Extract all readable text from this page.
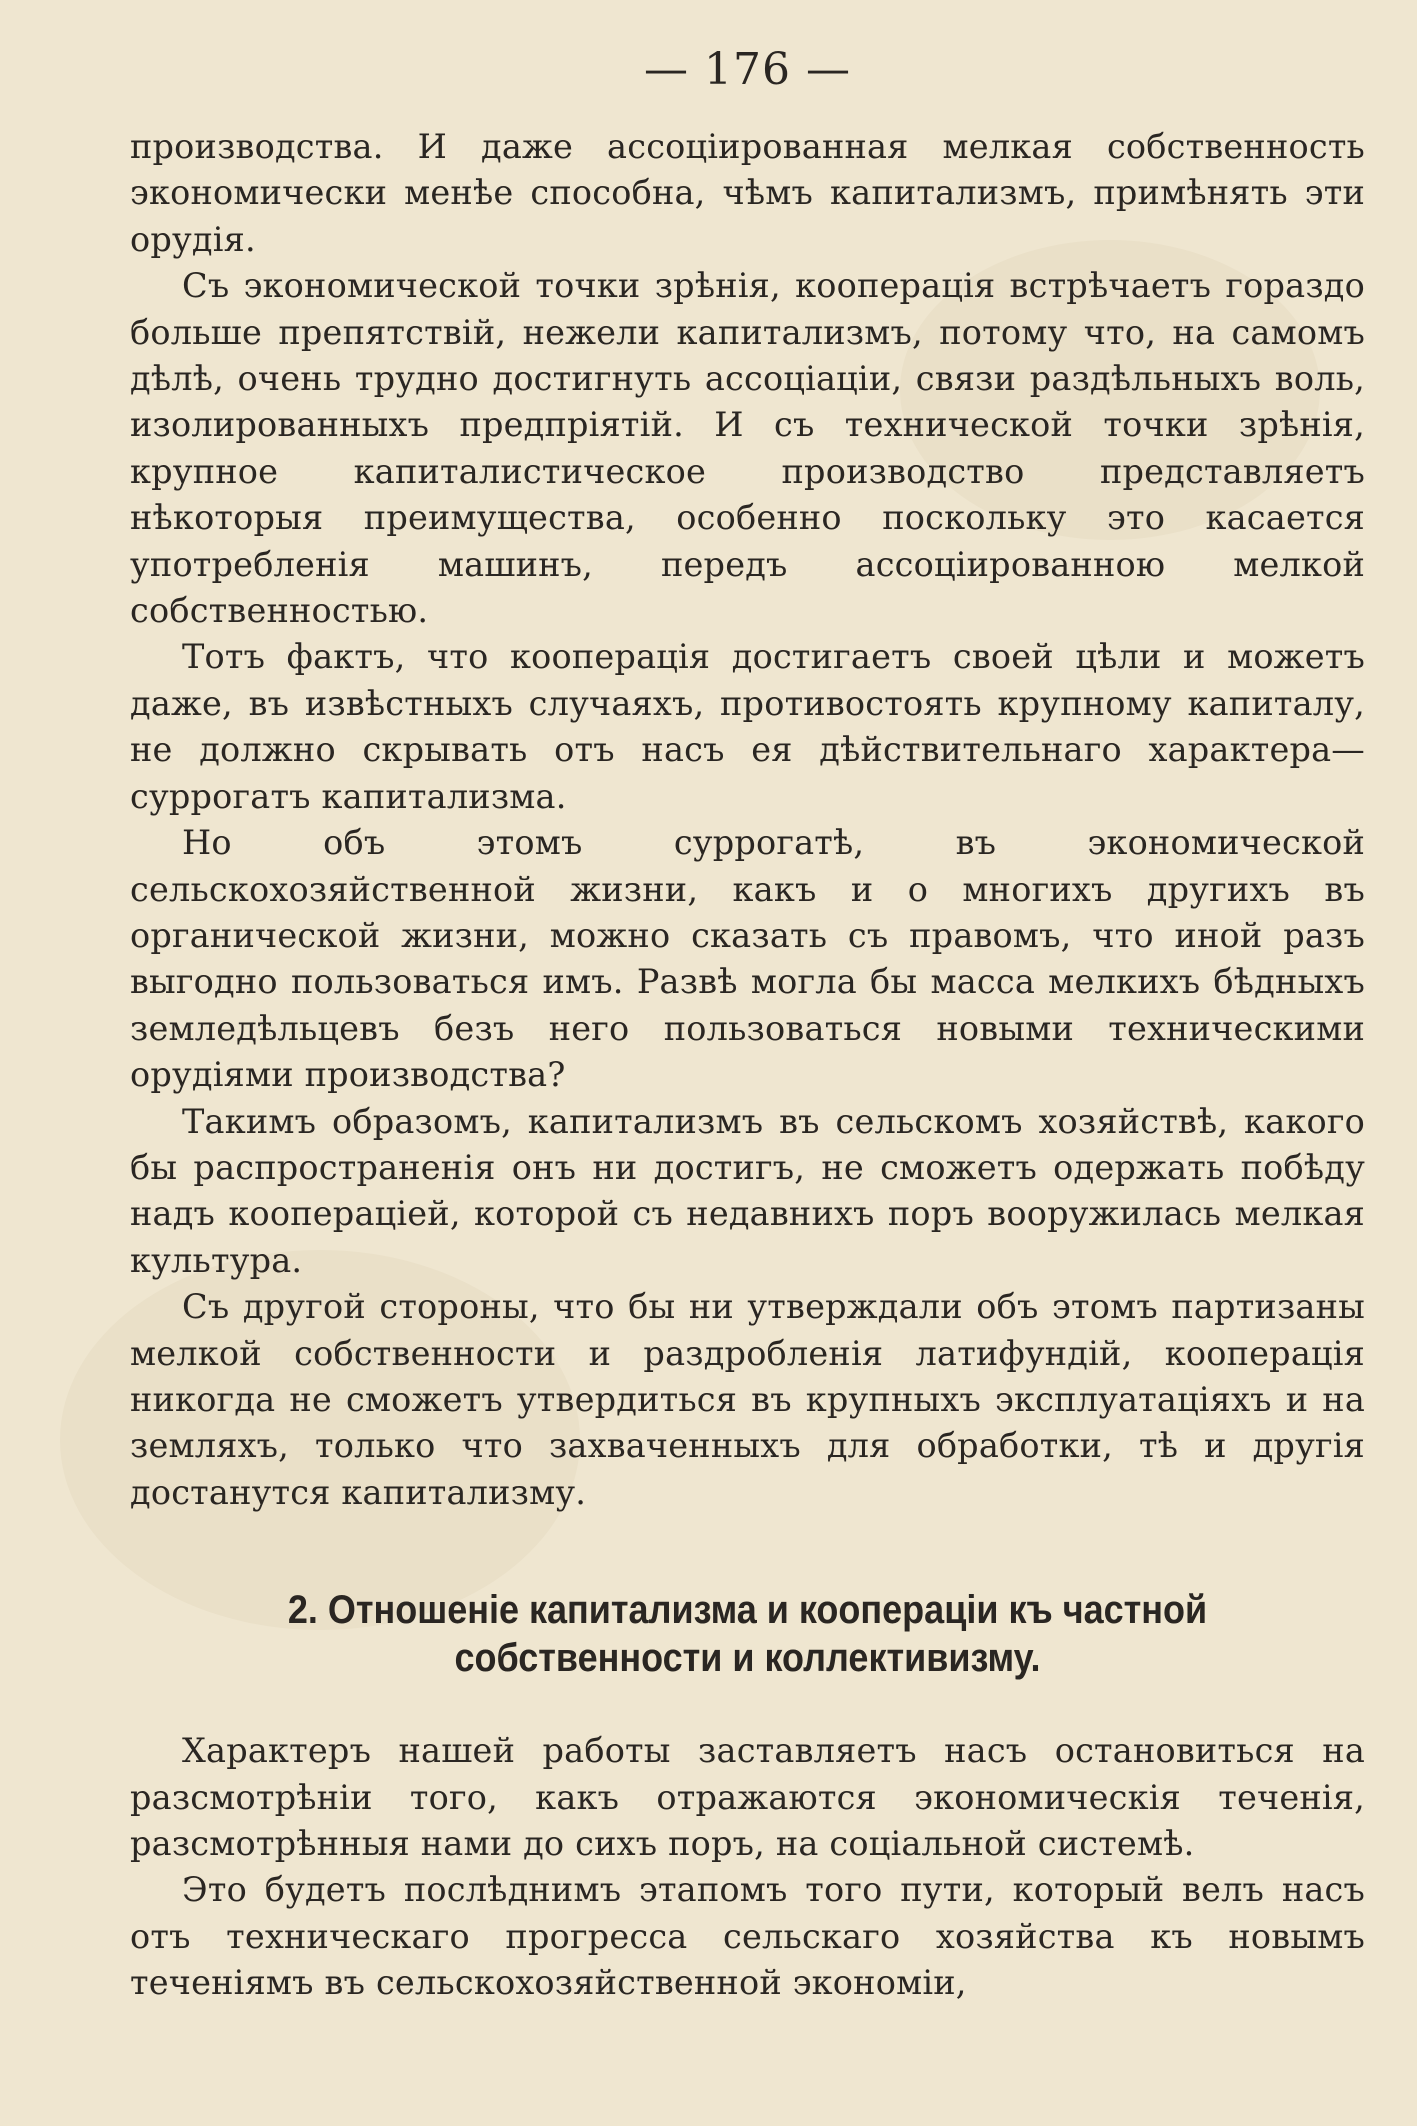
— 176 —

производства. И даже ассоціированная мелкая собственность экономически менѣе способна, чѣмъ капитализмъ, примѣнять эти орудія.

Съ экономической точки зрѣнія, кооперація встрѣчаетъ гораздо больше препятствій, нежели капитализмъ, потому что, на самомъ дѣлѣ, очень трудно достигнуть ассоціаціи, связи раздѣльныхъ воль, изолированныхъ предпріятій. И съ технической точки зрѣнія, крупное капиталистическое производство представляетъ нѣкоторыя преимущества, особенно поскольку это касается употребленія машинъ, передъ ассоціированною мелкой собственностью.

Тотъ фактъ, что кооперація достигаетъ своей цѣли и можетъ даже, въ извѣстныхъ случаяхъ, противостоять крупному капиталу, не должно скрывать отъ насъ ея дѣйствительнаго характера—суррогатъ капитализма.

Но объ этомъ суррогатѣ, въ экономической сельскохозяйственной жизни, какъ и о многихъ другихъ въ органической жизни, можно сказать съ правомъ, что иной разъ выгодно пользоваться имъ. Развѣ могла бы масса мелкихъ бѣдныхъ земледѣльцевъ безъ него пользоваться новыми техническими орудіями производства?

Такимъ образомъ, капитализмъ въ сельскомъ хозяйствѣ, какого бы распространенія онъ ни достигъ, не сможетъ одержать побѣду надъ коопераціей, которой съ недавнихъ поръ вооружилась мелкая культура.

Съ другой стороны, что бы ни утверждали объ этомъ партизаны мелкой собственности и раздробленія латифундій, кооперація никогда не сможетъ утвердиться въ крупныхъ эксплуатаціяхъ и на земляхъ, только что захваченныхъ для обработки, тѣ и другія достанутся капитализму.

2. Отношеніе капитализма и коопераціи къ частной
собственности и коллективизму.

Характеръ нашей работы заставляетъ насъ остановиться на разсмотрѣніи того, какъ отражаются экономическія теченія, разсмотрѣнныя нами до сихъ поръ, на соціальной системѣ.

Это будетъ послѣднимъ этапомъ того пути, который велъ насъ отъ техническаго прогресса сельскаго хозяйства къ новымъ теченіямъ въ сельскохозяйственной экономіи,
